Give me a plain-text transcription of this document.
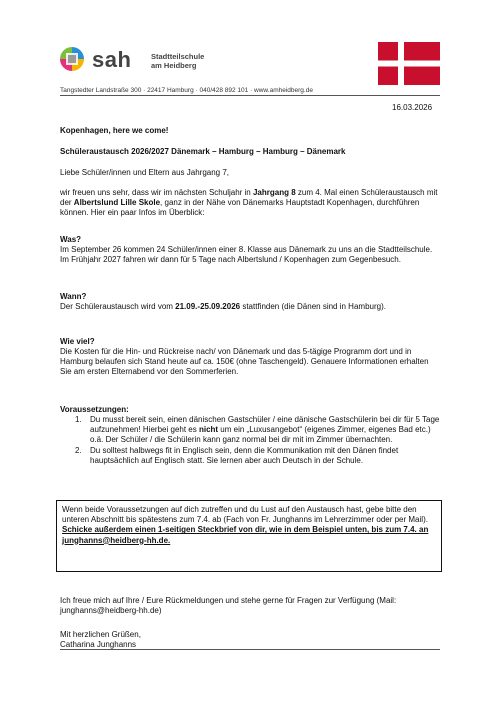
sah	Stadtteilschule
am Heidberg
Tangstedter Landstraße 300 · 22417 Hamburg · 040/428 892 101 · www.amheidberg.de
16.03.2026
Kopenhagen, here we come!
Schüleraustausch 2026/2027 Dänemark – Hamburg – Hamburg – Dänemark
Liebe Schüler/innen und Eltern aus Jahrgang 7,
wir freuen uns sehr, dass wir im nächsten Schuljahr in Jahrgang 8 zum 4. Mal einen Schüleraustausch mit der Albertslund Lille Skole, ganz in der Nähe von Dänemarks Hauptstadt Kopenhagen, durchführen können. Hier ein paar Infos im Überblick:
Was?
Im September 26 kommen 24 Schüler/innen einer 8. Klasse aus Dänemark zu uns an die Stadtteilschule. Im Frühjahr 2027 fahren wir dann für 5 Tage nach Albertslund / Kopenhagen zum Gegenbesuch.
Wann?
Der Schüleraustausch wird vom 21.09.-25.09.2026 stattfinden (die Dänen sind in Hamburg).
Wie viel?
Die Kosten für die Hin- und Rückreise nach/ von Dänemark und das 5-tägige Programm dort und in Hamburg belaufen sich Stand heute auf ca. 150€ (ohne Taschengeld). Genauere Informationen erhalten Sie am ersten Elternabend vor den Sommerferien.
Voraussetzungen:
1. Du musst bereit sein, einen dänischen Gastschüler / eine dänische Gastschülerin bei dir für 5 Tage aufzunehmen! Hierbei geht es nicht um ein „Luxusangebot“ (eigenes Zimmer, eigenes Bad etc.) o.ä. Der Schüler / die Schülerin kann ganz normal bei dir mit im Zimmer übernachten.
2. Du solltest halbwegs fit in Englisch sein, denn die Kommunikation mit den Dänen findet hauptsächlich auf Englisch statt. Sie lernen aber auch Deutsch in der Schule.
Wenn beide Voraussetzungen auf dich zutreffen und du Lust auf den Austausch hast, gebe bitte den unteren Abschnitt bis spätestens zum 7.4. ab (Fach von Fr. Junghanns im Lehrerzimmer oder per Mail).
Schicke außerdem einen 1-seitigen Steckbrief von dir, wie in dem Beispiel unten, bis zum 7.4. an junghanns@heidberg-hh.de.
Ich freue mich auf Ihre / Eure Rückmeldungen und stehe gerne für Fragen zur Verfügung (Mail: junghanns@heidberg-hh.de)
Mit herzlichen Grüßen,
Catharina Junghanns
